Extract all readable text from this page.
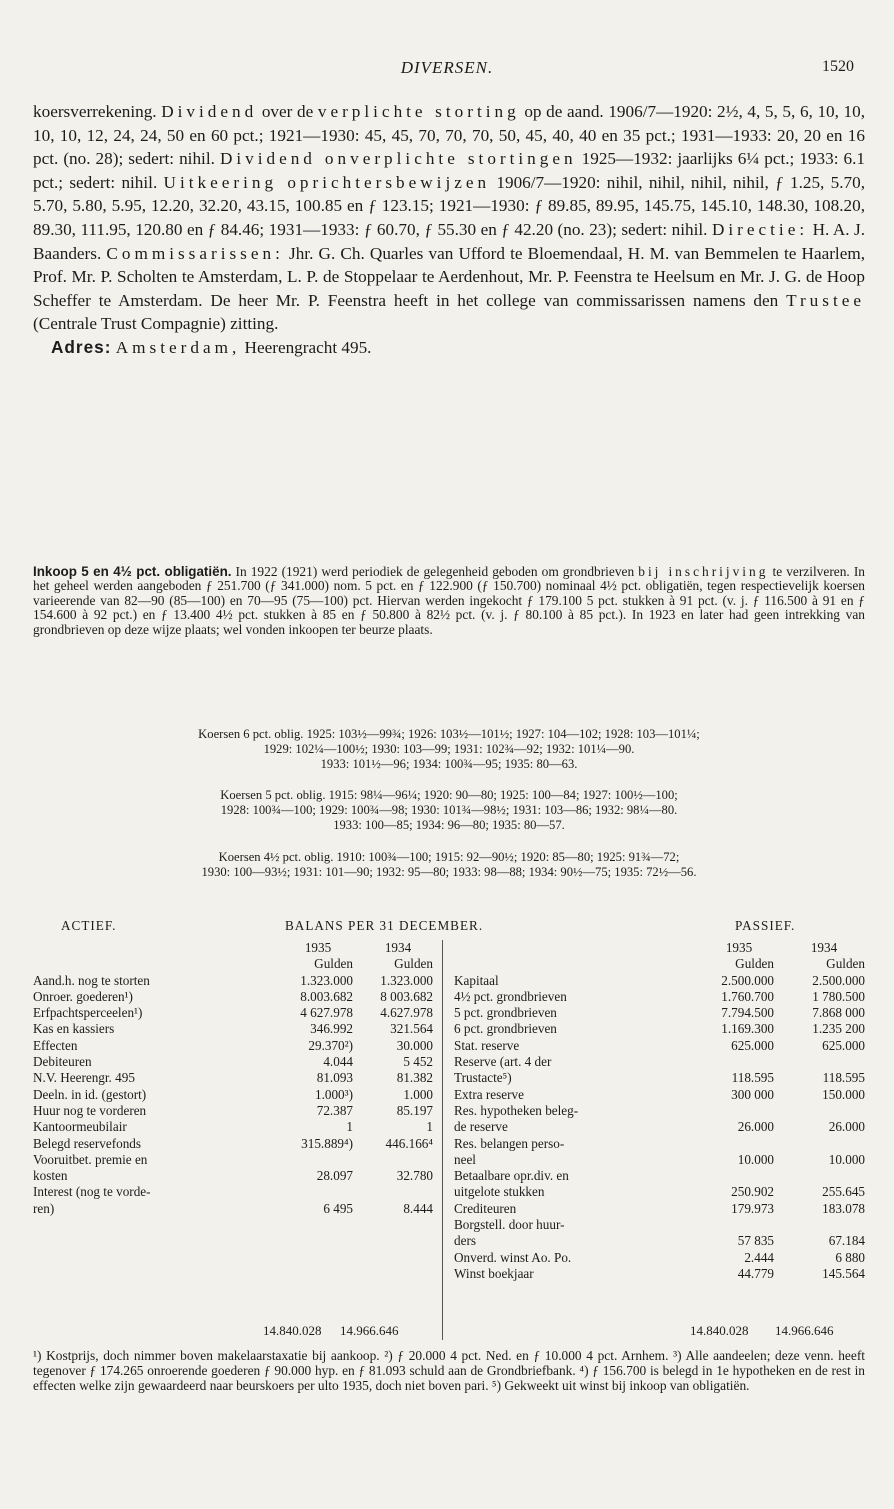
DIVERSEN.	1520

koersverrekening. Dividend over de verplichte storting op de aand. 1906/7—1920: 2½, 4, 5, 5, 6, 10, 10, 10, 10, 12, 24, 24, 50 en 60 pct.; 1921—1930: 45, 45, 70, 70, 70, 50, 45, 40, 40 en 35 pct.; 1931—1933: 20, 20 en 16 pct. (no. 28); sedert: nihil. Dividend onverplichte stortingen 1925—1932: jaarlijks 6¼ pct.; 1933: 6.1 pct.; sedert: nihil. Uitkeering oprichtersbewijzen 1906/7—1920: nihil, nihil, nihil, nihil, ƒ 1.25, 5.70, 5.70, 5.80, 5.95, 12.20, 32.20, 43.15, 100.85 en ƒ 123.15; 1921—1930: ƒ 89.85, 89.95, 145.75, 145.10, 148.30, 108.20, 89.30, 111.95, 120.80 en ƒ 84.46; 1931—1933: ƒ 60.70, ƒ 55.30 en ƒ 42.20 (no. 23); sedert: nihil. Directie: H. A. J. Baanders. Commissarissen: Jhr. G. Ch. Quarles van Ufford te Bloemendaal, H. M. van Bemmelen te Haarlem, Prof. Mr. P. Scholten te Amsterdam, L. P. de Stoppelaar te Aerdenhout, Mr. P. Feenstra te Heelsum en Mr. J. G. de Hoop Scheffer te Amsterdam. De heer Mr. P. Feenstra heeft in het college van commissarissen namens den Trustee (Centrale Trust Compagnie) zitting.

Adres: Amsterdam, Heerengracht 495.

Inkoop 5 en 4½ pct. obligatiën. In 1922 (1921) werd periodiek de gelegenheid geboden om grondbrieven bij inschrijving te verzilveren. In het geheel werden aangeboden ƒ 251.700 (ƒ 341.000) nom. 5 pct. en ƒ 122.900 (ƒ 150.700) nominaal 4½ pct. obligatiën, tegen respectievelijk koersen varieerende van 82—90 (85—100) en 70—95 (75—100) pct. Hiervan werden ingekocht ƒ 179.100 5 pct. stukken à 91 pct. (v. j. ƒ 116.500 à 91 en ƒ 154.600 à 92 pct.) en ƒ 13.400 4½ pct. stukken à 85 en ƒ 50.800 à 82½ pct. (v. j. ƒ 80.100 à 85 pct.). In 1923 en later had geen intrekking van grondbrieven op deze wijze plaats; wel vonden inkoopen ter beurze plaats.

Koersen 6 pct. oblig. 1925: 103½—99¾; 1926: 103½—101½; 1927: 104—102; 1928: 103—101¼;
1929: 102¼—100½; 1930: 103—99; 1931: 102¾—92; 1932: 101¼—90.
1933: 101½—96; 1934: 100¾—95; 1935: 80—63.
Koersen 5 pct. oblig. 1915: 98¼—96¼; 1920: 90—80; 1925: 100—84; 1927: 100½—100;
1928: 100¾—100; 1929: 100¾—98; 1930: 101¾—98½; 1931: 103—86; 1932: 98¼—80.
1933: 100—85; 1934: 96—80; 1935: 80—57.
Koersen 4½ pct. oblig. 1910: 100¾—100; 1915: 92—90½; 1920: 85—80; 1925: 91¾—72;
1930: 100—93½; 1931: 101—90; 1932: 95—80; 1933: 98—88; 1934: 90½—75; 1935: 72½—56.
ACTIEF.	BALANS PER 31 DECEMBER.	PASSIEF.
1935	1934
Gulden	Gulden
Aand.h. nog te storten	1.323.000	1.323.000
Onroer. goederen¹)	8.003.682	8 003.682
Erfpachtsperceelen¹)	4 627.978	4.627.978
Kas en kassiers	346.992	321.564
Effecten	29.370²)	30.000
Debiteuren	4.044	5 452
N.V. Heerengr. 495	81.093	81.382
Deeln. in id. (gestort)	1.000³)	1.000
Huur nog te vorderen	72.387	85.197
Kantoormeubilair	1	1
Belegd reservefonds	315.889⁴)	446.166⁴
Vooruitbet. premie en
kosten	28.097	32.780
Interest (nog te vorde-
ren)	6 495	8.444
1935	1934
Gulden	Gulden
Kapitaal	2.500.000	2.500.000
4½ pct. grondbrieven	1.760.700	1 780.500
5 pct. grondbrieven	7.794.500	7.868 000
6 pct. grondbrieven	1.169.300	1.235 200
Stat. reserve	625.000	625.000
Reserve (art. 4 der
Trustacte⁵)	118.595	118.595
Extra reserve	300 000	150.000
Res. hypotheken beleg-
de reserve	26.000	26.000
Res. belangen perso-
neel	10.000	10.000
Betaalbare opr.div. en
uitgelote stukken	250.902	255.645
Crediteuren	179.973	183.078
Borgstell. door huur-
ders	57 835	67.184
Onverd. winst Ao. Po.	2.444	6 880
Winst boekjaar	44.779	145.564
14.840.028 14.966.646	14.840.028 14.966.646

¹) Kostprijs, doch nimmer boven makelaarstaxatie bij aankoop. ²) ƒ 20.000 4 pct. Ned. en ƒ 10.000 4 pct. Arnhem. ³) Alle aandeelen; deze venn. heeft tegenover ƒ 174.265 onroerende goederen ƒ 90.000 hyp. en ƒ 81.093 schuld aan de Grondbriefbank. ⁴) ƒ 156.700 is belegd in 1e hypotheken en de rest in effecten welke zijn gewaardeerd naar beurskoers per ulto 1935, doch niet boven pari. ⁵) Gekweekt uit winst bij inkoop van obligatiën.
